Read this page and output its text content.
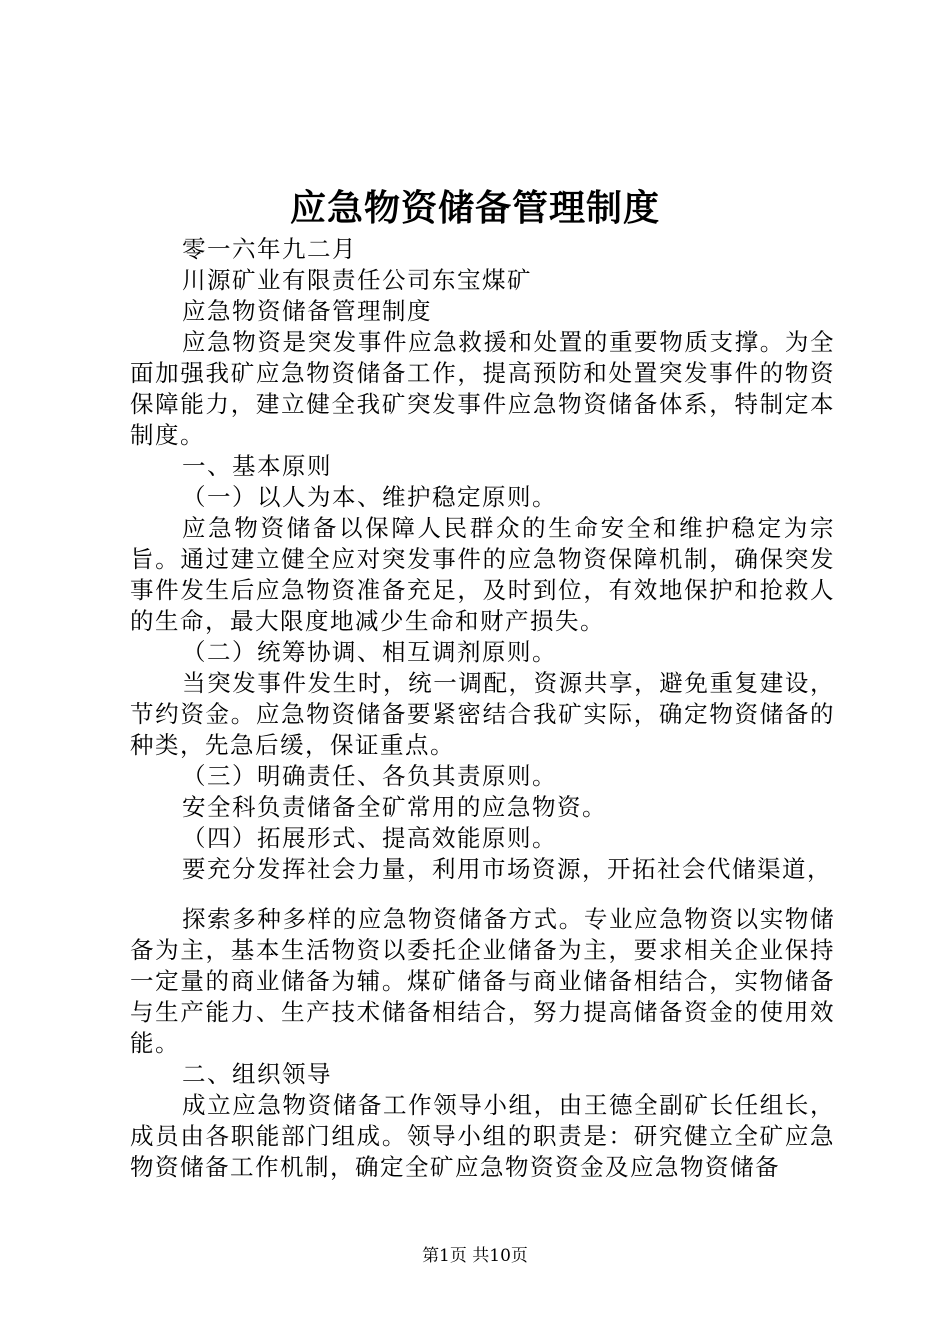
应急物资储备管理制度

零一六年九二月

川源矿业有限责任公司东宝煤矿

应急物资储备管理制度

应急物资是突发事件应急救援和处置的重要物质支撑。为全面加强我矿应急物资储备工作，提高预防和处置突发事件的物资保障能力，建立健全我矿突发事件应急物资储备体系，特制定本制度。

一、基本原则

（一）以人为本、维护稳定原则。

应急物资储备以保障人民群众的生命安全和维护稳定为宗旨。通过建立健全应对突发事件的应急物资保障机制，确保突发事件发生后应急物资准备充足，及时到位，有效地保护和抢救人的生命，最大限度地减少生命和财产损失。

（二）统筹协调、相互调剂原则。

当突发事件发生时，统一调配，资源共享，避免重复建设，节约资金。应急物资储备要紧密结合我矿实际，确定物资储备的种类，先急后缓，保证重点。

（三）明确责任、各负其责原则。

安全科负责储备全矿常用的应急物资。

（四）拓展形式、提高效能原则。

要充分发挥社会力量，利用市场资源，开拓社会代储渠道，

探索多种多样的应急物资储备方式。专业应急物资以实物储备为主，基本生活物资以委托企业储备为主，要求相关企业保持一定量的商业储备为辅。煤矿储备与商业储备相结合，实物储备与生产能力、生产技术储备相结合，努力提高储备资金的使用效能。

二、组织领导

成立应急物资储备工作领导小组，由王德全副矿长任组长，成员由各职能部门组成。领导小组的职责是：研究健立全矿应急物资储备工作机制，确定全矿应急物资资金及应急物资储备

第1页 共10页
